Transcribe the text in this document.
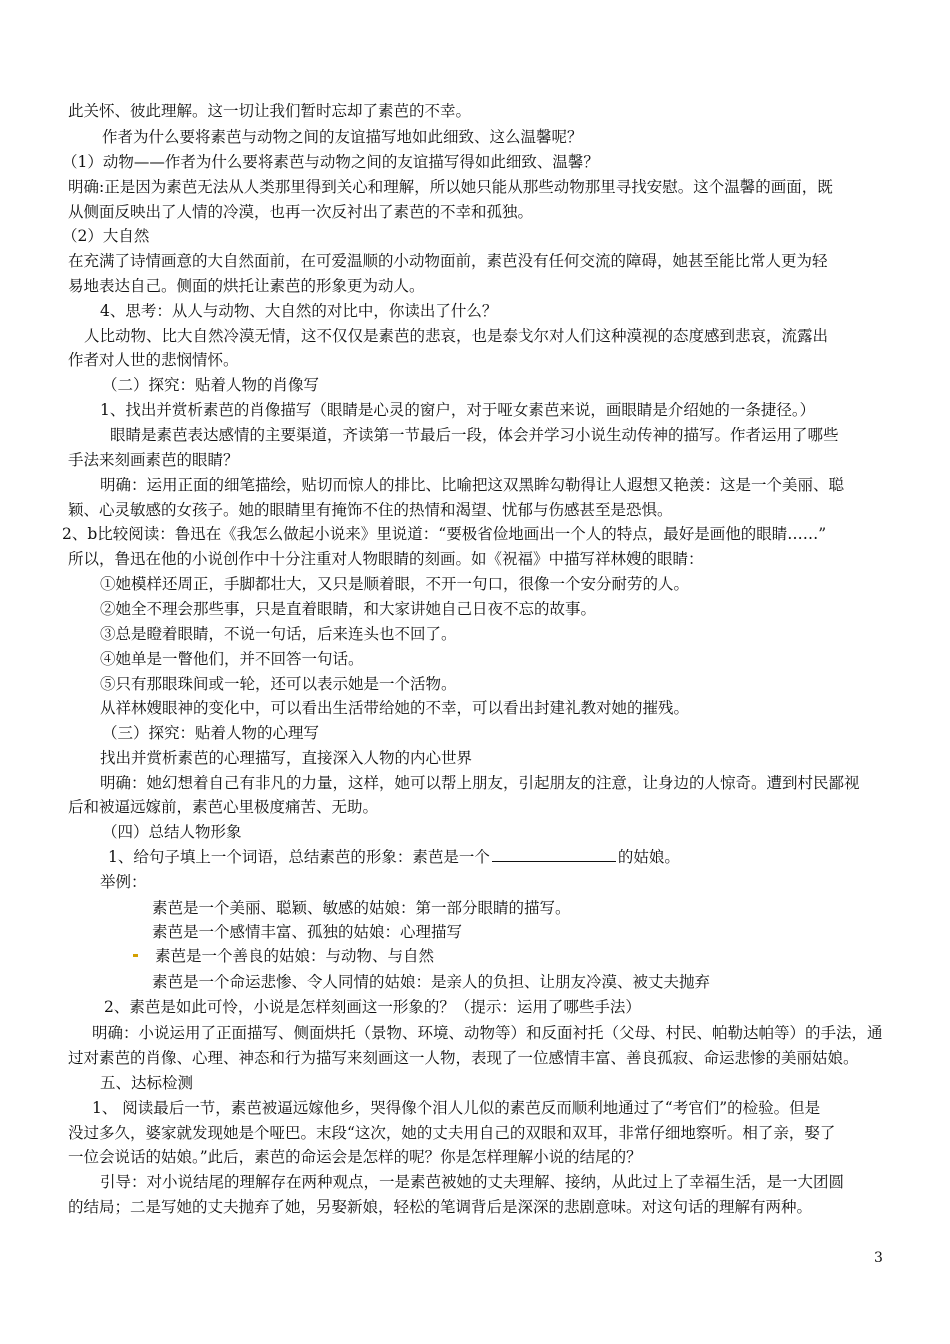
此关怀、彼此理解。这一切让我们暂时忘却了素芭的不幸。
作者为什么要将素芭与动物之间的友谊描写地如此细致、这么温馨呢？
（1）动物——作者为什么要将素芭与动物之间的友谊描写得如此细致、温馨？
明确:正是因为素芭无法从人类那里得到关心和理解，所以她只能从那些动物那里寻找安慰。这个温馨的画面，既
从侧面反映出了人情的冷漠，也再一次反衬出了素芭的不幸和孤独。
（2）大自然
在充满了诗情画意的大自然面前，在可爱温顺的小动物面前，素芭没有任何交流的障碍，她甚至能比常人更为轻
易地表达自己。侧面的烘托让素芭的形象更为动人。
4、思考：从人与动物、大自然的对比中，你读出了什么？
人比动物、比大自然冷漠无情，这不仅仅是素芭的悲哀，也是泰戈尔对人们这种漠视的态度感到悲哀，流露出
作者对人世的悲悯情怀。
（二）探究：贴着人物的肖像写
1、找出并赏析素芭的肖像描写（眼睛是心灵的窗户，对于哑女素芭来说，画眼睛是介绍她的一条捷径。）
眼睛是素芭表达感情的主要渠道，齐读第一节最后一段，体会并学习小说生动传神的描写。作者运用了哪些
手法来刻画素芭的眼睛？
明确：运用正面的细笔描绘，贴切而惊人的排比、比喻把这双黑眸勾勒得让人遐想又艳羡：这是一个美丽、聪
颖、心灵敏感的女孩子。她的眼睛里有掩饰不住的热情和渴望、忧郁与伤感甚至是恐惧。
2、b比较阅读：鲁迅在《我怎么做起小说来》里说道：“要极省俭地画出一个人的特点，最好是画他的眼睛……”
所以，鲁迅在他的小说创作中十分注重对人物眼睛的刻画。如《祝福》中描写祥林嫂的眼睛：
①她模样还周正，手脚都壮大，又只是顺着眼，不开一句口，很像一个安分耐劳的人。
②她全不理会那些事，只是直着眼睛，和大家讲她自己日夜不忘的故事。
③总是瞪着眼睛，不说一句话，后来连头也不回了。
④她单是一瞥他们，并不回答一句话。
⑤只有那眼珠间或一轮，还可以表示她是一个活物。
从祥林嫂眼神的变化中，可以看出生活带给她的不幸，可以看出封建礼教对她的摧残。
（三）探究：贴着人物的心理写
找出并赏析素芭的心理描写，直接深入人物的内心世界
明确：她幻想着自己有非凡的力量，这样，她可以帮上朋友，引起朋友的注意，让身边的人惊奇。遭到村民鄙视
后和被逼远嫁前，素芭心里极度痛苦、无助。
（四）总结人物形象
1、给句子填上一个词语，总结素芭的形象：素芭是一个	的姑娘。
举例：
素芭是一个美丽、聪颖、敏感的姑娘：第一部分眼睛的描写。
素芭是一个感情丰富、孤独的姑娘：心理描写
素芭是一个善良的姑娘：与动物、与自然
素芭是一个命运悲惨、令人同情的姑娘：是亲人的负担、让朋友冷漠、被丈夫抛弃
2、素芭是如此可怜，小说是怎样刻画这一形象的？（提示：运用了哪些手法）
明确：小说运用了正面描写、侧面烘托（景物、环境、动物等）和反面衬托（父母、村民、帕勒达帕等）的手法，通
过对素芭的肖像、心理、神态和行为描写来刻画这一人物，表现了一位感情丰富、善良孤寂、命运悲惨的美丽姑娘。
五、达标检测
1、 阅读最后一节，素芭被逼远嫁他乡，哭得像个泪人儿似的素芭反而顺利地通过了“考官们”的检验。但是
没过多久，婆家就发现她是个哑巴。末段“这次，她的丈夫用自己的双眼和双耳，非常仔细地察听。相了亲，娶了
一位会说话的姑娘。”此后，素芭的命运会是怎样的呢？你是怎样理解小说的结尾的？
引导：对小说结尾的理解存在两种观点，一是素芭被她的丈夫理解、接纳，从此过上了幸福生活，是一大团圆
的结局；二是写她的丈夫抛弃了她，另娶新娘，轻松的笔调背后是深深的悲剧意味。对这句话的理解有两种。
3
